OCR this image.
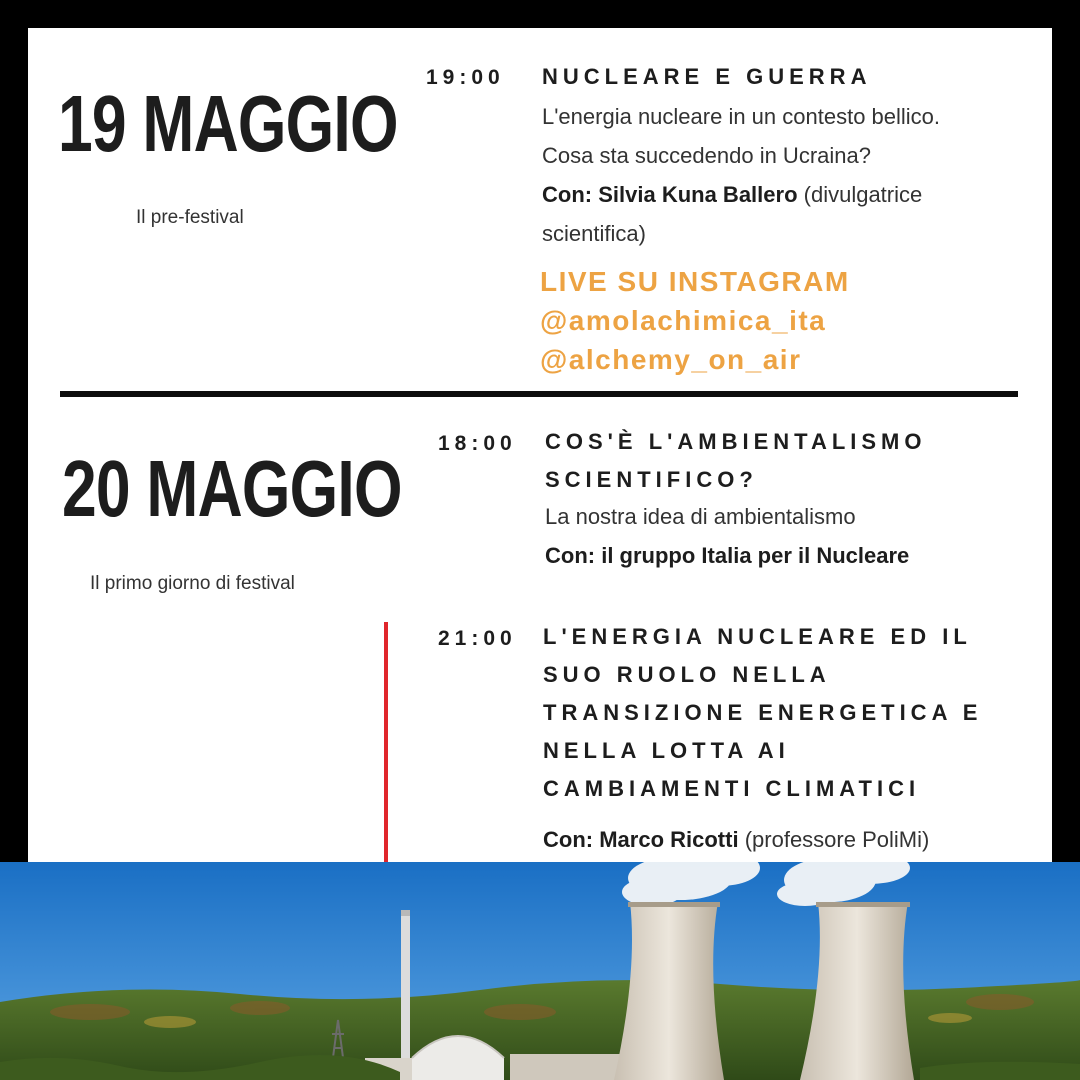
19 MAGGIO
Il pre-festival
19:00 NUCLEARE E GUERRA
L'energia nucleare in un contesto bellico.
Cosa sta succedendo in Ucraina?
Con: Silvia Kuna Ballero (divulgatrice
scientifica)
LIVE SU INSTAGRAM
@amolachimica_ita
@alchemy_on_air
20 MAGGIO
Il primo giorno di festival
18:00 COS'È L'AMBIENTALISMO
SCIENTIFICO?
La nostra idea di ambientalismo
Con: il gruppo Italia per il Nucleare
21:00 L'ENERGIA NUCLEARE ED IL
SUO RUOLO NELLA
TRANSIZIONE ENERGETICA E
NELLA LOTTA AI
CAMBIAMENTI CLIMATICI
Con: Marco Ricotti (professore PoliMi)
